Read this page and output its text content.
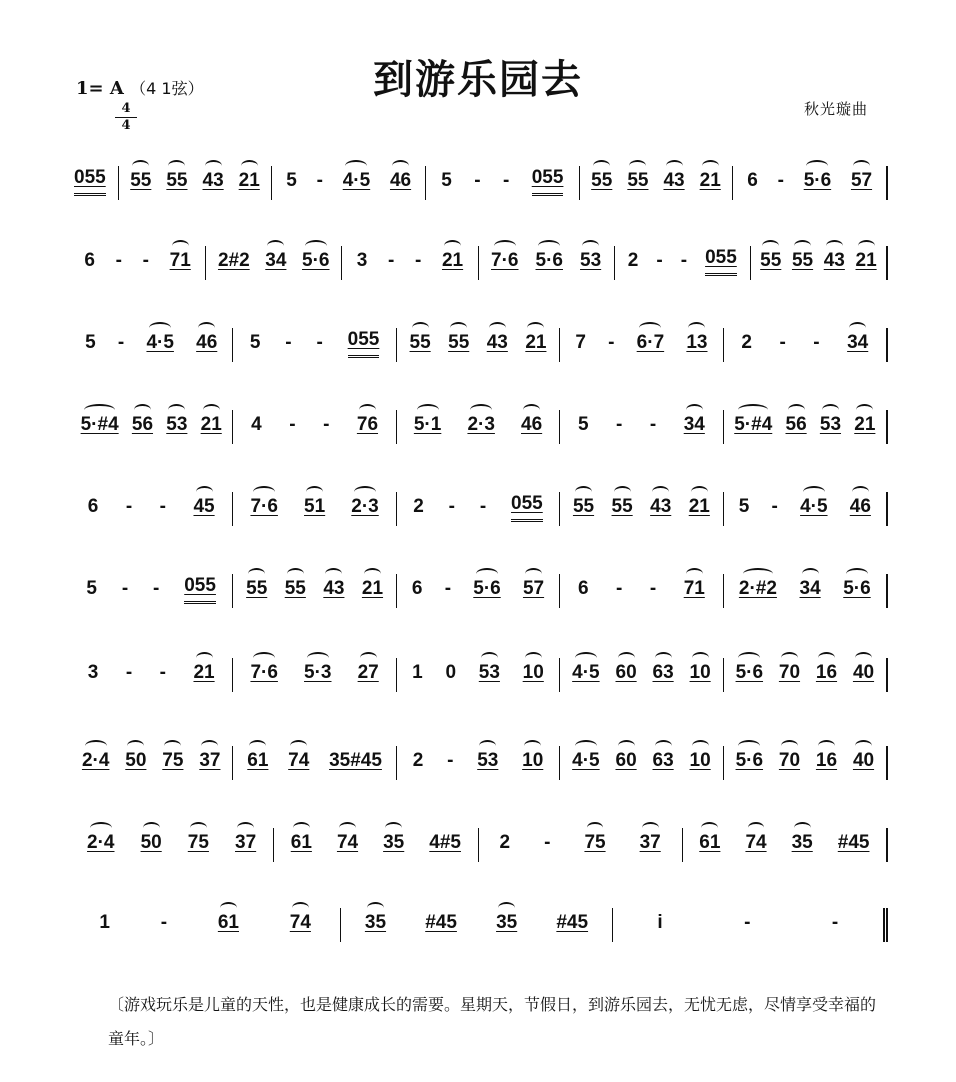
到游乐园去
1= A （4 1弦）
4
4
秋光璇曲
055 55 55 43 21 5 - 4·5 46 5 - - 055 55 55 43 21 6 - 5·6 57
6 - - 71 2#2 34 5·6 3 - - 21 7·6 5·6 53 2 - - 055 55 55 43 21
5 - 4·5 46 5 - - 055 55 55 43 21 7 - 6·7 13 2 - - 34
5·#4 56 53 21 4 - - 76 5·1 2·3 46 5 - - 34 5·#4 56 53 21
6 - - 45 7·6 51 2·3 2 - - 055 55 55 43 21 5 - 4·5 46
5 - - 055 55 55 43 21 6 - 5·6 57 6 - - 71 2·#2 34 5·6
3 - - 21 7·6 5·3 27 1 0 53 10 4·5 60 63 10 5·6 70 16 40
2·4 50 75 37 61 74 35#45 2 - 53 10 4·5 60 63 10 5·6 70 16 40
2·4 50 75 37 61 74 35 4#5 2 - 75 37 61 74 35 #45
1	-	61	74	35 #45 35 #45	i	-	-
〔游戏玩乐是儿童的天性，也是健康成长的需要。星期天，节假日，到游乐园去，无忧无虑，尽情享受幸福的童年。〕
